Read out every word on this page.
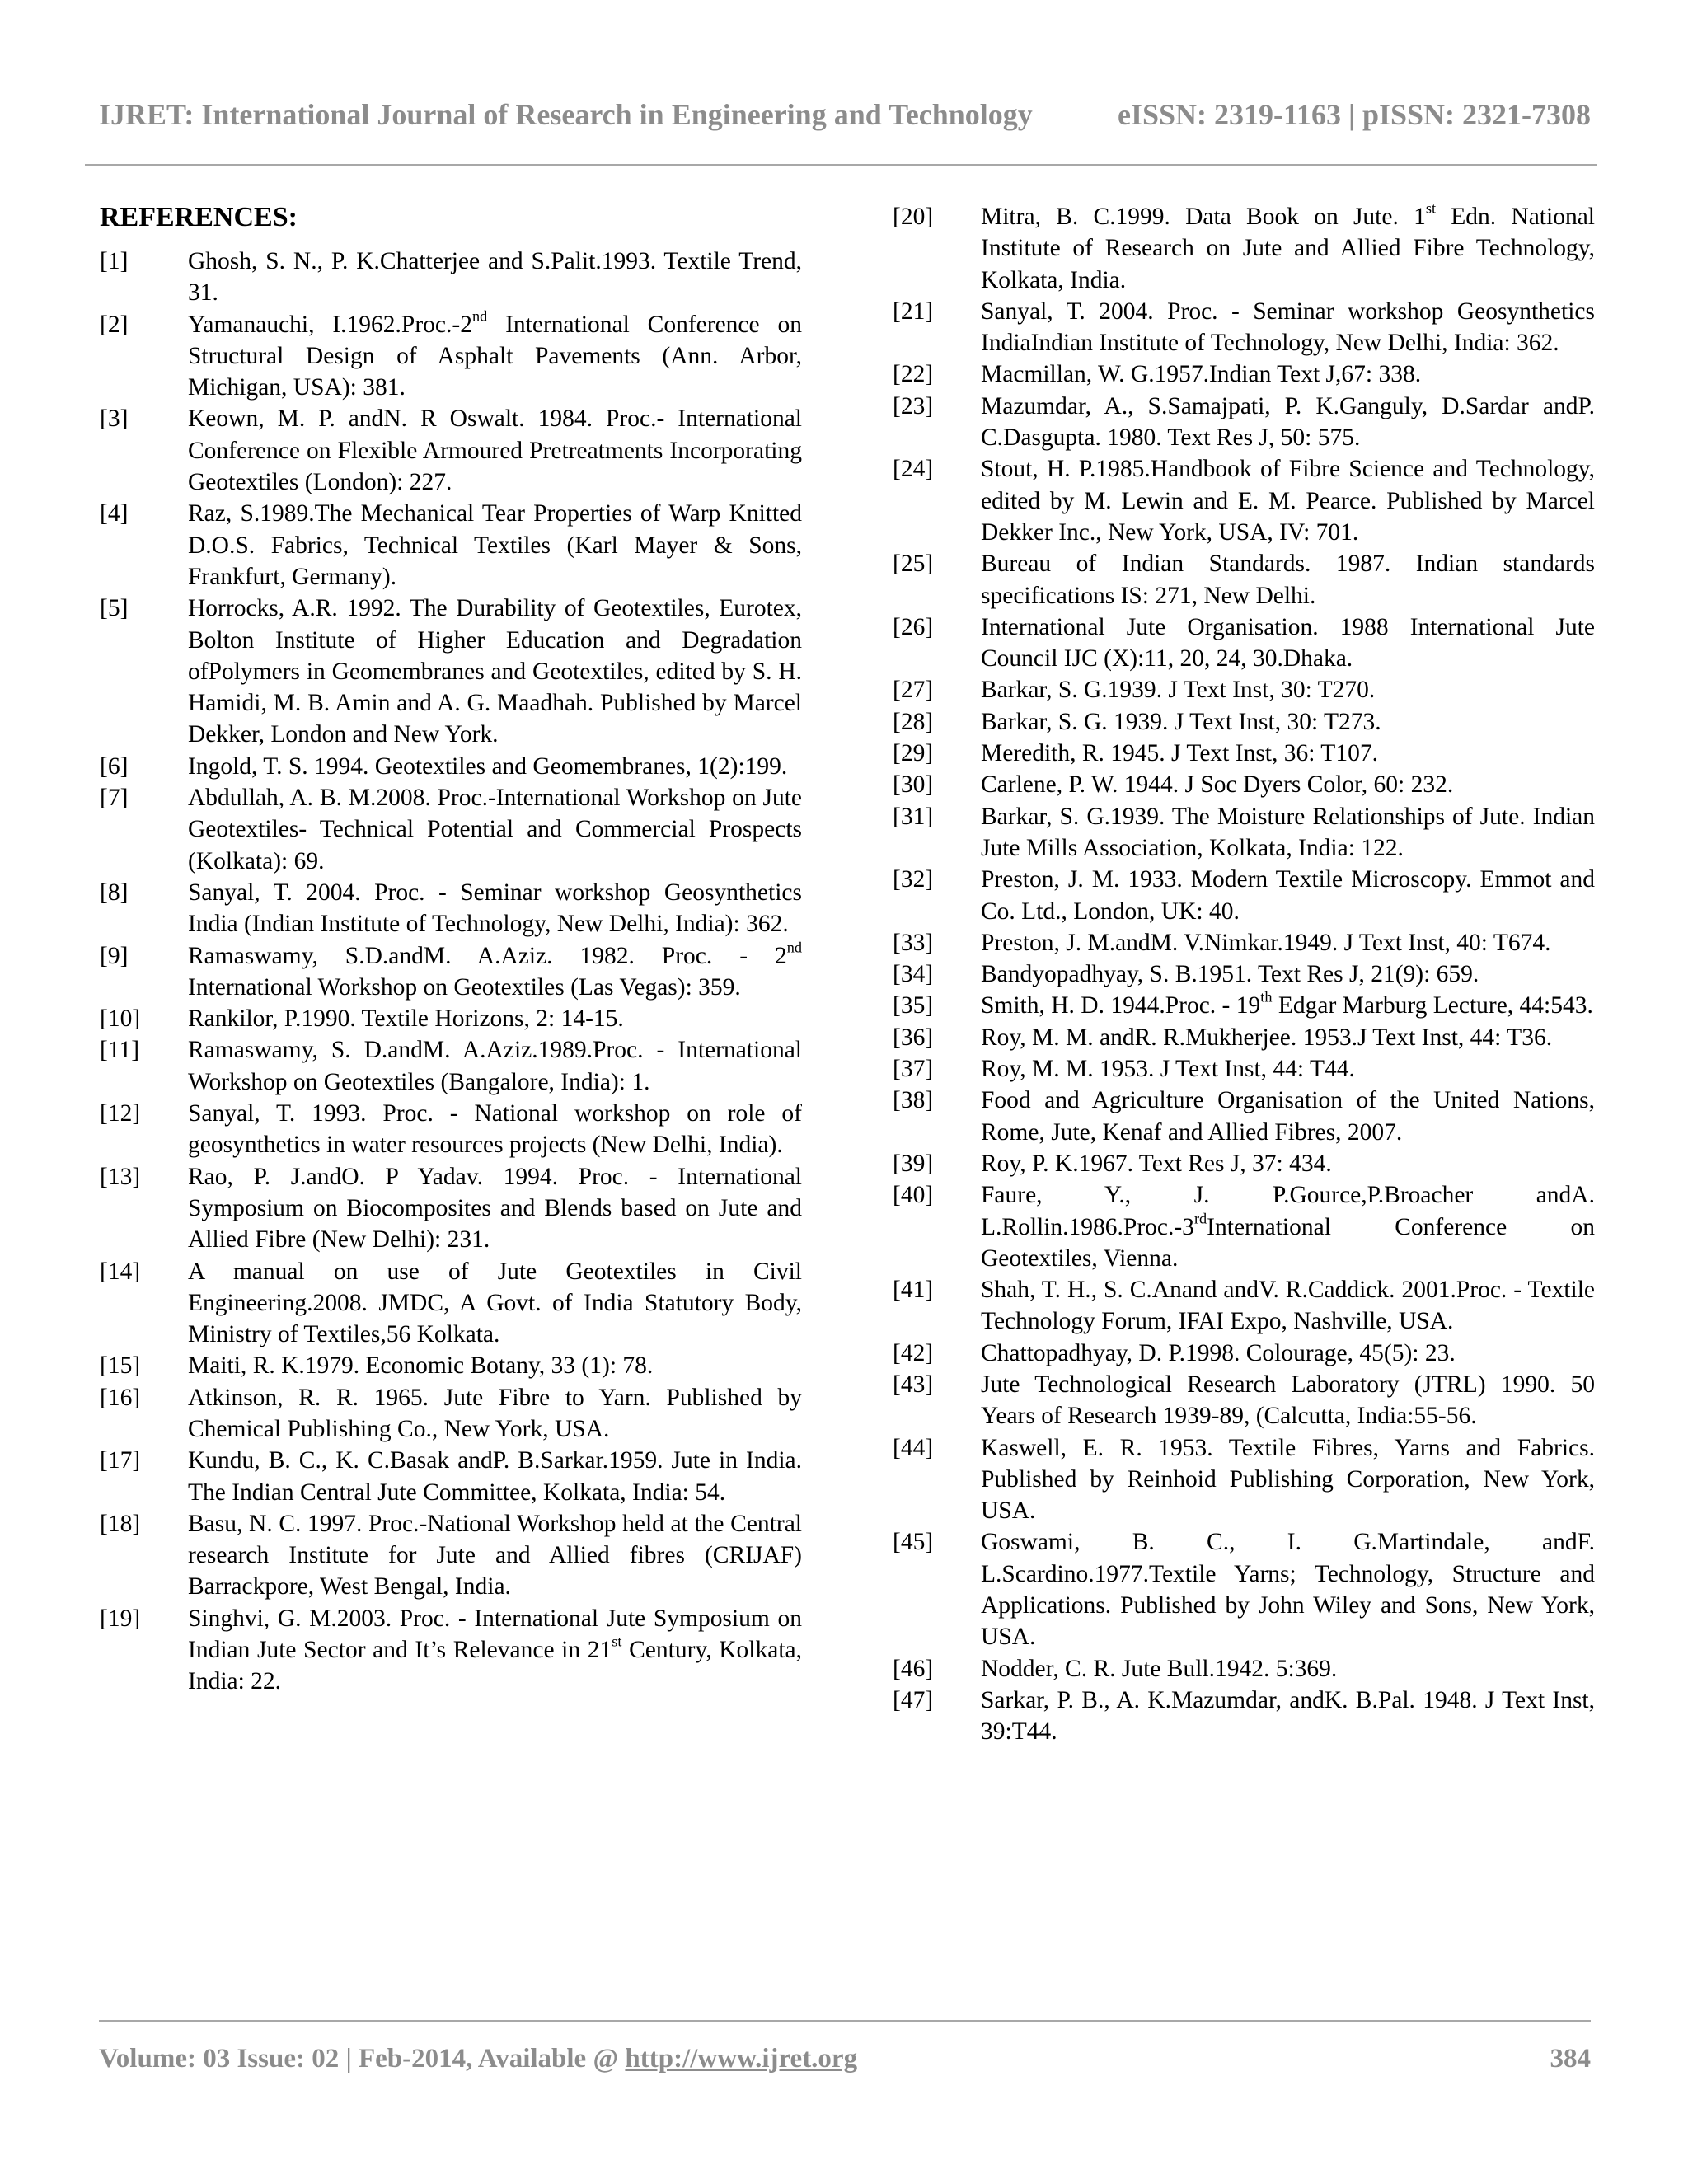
IJRET: International Journal of Research in Engineering and Technology	eISSN: 2319-1163 | pISSN: 2321-7308
REFERENCES:
[1]	Ghosh, S. N., P. K.Chatterjee and S.Palit.1993. Textile Trend, 31.
[2]	Yamanauchi, I.1962.Proc.-2nd International Conference on Structural Design of Asphalt Pavements (Ann. Arbor, Michigan, USA): 381.
[3]	Keown, M. P. andN. R Oswalt. 1984. Proc.- International Conference on Flexible Armoured Pretreatments Incorporating Geotextiles (London): 227.
[4]	Raz, S.1989.The Mechanical Tear Properties of Warp Knitted D.O.S. Fabrics, Technical Textiles (Karl Mayer & Sons, Frankfurt, Germany).
[5]	Horrocks, A.R. 1992. The Durability of Geotextiles, Eurotex, Bolton Institute of Higher Education and Degradation ofPolymers in Geomembranes and Geotextiles, edited by S. H. Hamidi, M. B. Amin and A. G. Maadhah. Published by Marcel Dekker, London and New York.
[6]	Ingold, T. S. 1994. Geotextiles and Geomembranes, 1(2):199.
[7]	Abdullah, A. B. M.2008. Proc.-International Workshop on Jute Geotextiles- Technical Potential and Commercial Prospects (Kolkata): 69.
[8]	Sanyal, T. 2004. Proc. - Seminar workshop Geosynthetics India (Indian Institute of Technology, New Delhi, India): 362.
[9]	Ramaswamy, S.D.andM. A.Aziz. 1982. Proc. - 2nd International Workshop on Geotextiles (Las Vegas): 359.
[10]	Rankilor, P.1990. Textile Horizons, 2: 14-15.
[11]	Ramaswamy, S. D.andM. A.Aziz.1989.Proc. - International Workshop on Geotextiles (Bangalore, India): 1.
[12]	Sanyal, T. 1993. Proc. - National workshop on role of geosynthetics in water resources projects (New Delhi, India).
[13]	Rao, P. J.andO. P Yadav. 1994. Proc. - International Symposium on Biocomposites and Blends based on Jute and Allied Fibre (New Delhi): 231.
[14]	A manual on use of Jute Geotextiles in Civil Engineering.2008. JMDC, A Govt. of India Statutory Body, Ministry of Textiles,56 Kolkata.
[15]	Maiti, R. K.1979. Economic Botany, 33 (1): 78.
[16]	Atkinson, R. R. 1965. Jute Fibre to Yarn. Published by Chemical Publishing Co., New York, USA.
[17]	Kundu, B. C., K. C.Basak andP. B.Sarkar.1959. Jute in India. The Indian Central Jute Committee, Kolkata, India: 54.
[18]	Basu, N. C. 1997. Proc.-National Workshop held at the Central research Institute for Jute and Allied fibres (CRIJAF) Barrackpore, West Bengal, India.
[19]	Singhvi, G. M.2003. Proc. - International Jute Symposium on Indian Jute Sector and It’s Relevance in 21st Century, Kolkata, India: 22.
[20]	Mitra, B. C.1999. Data Book on Jute. 1st Edn. National Institute of Research on Jute and Allied Fibre Technology, Kolkata, India.
[21]	Sanyal, T. 2004. Proc. - Seminar workshop Geosynthetics IndiaIndian Institute of Technology, New Delhi, India: 362.
[22]	Macmillan, W. G.1957.Indian Text J,67: 338.
[23]	Mazumdar, A., S.Samajpati, P. K.Ganguly, D.Sardar andP. C.Dasgupta. 1980. Text Res J, 50: 575.
[24]	Stout, H. P.1985.Handbook of Fibre Science and Technology, edited by M. Lewin and E. M. Pearce. Published by Marcel Dekker Inc., New York, USA, IV: 701.
[25]	Bureau of Indian Standards. 1987. Indian standards specifications IS: 271, New Delhi.
[26]	International Jute Organisation. 1988 International Jute Council IJC (X):11, 20, 24, 30.Dhaka.
[27]	Barkar, S. G.1939. J Text Inst, 30: T270.
[28]	Barkar, S. G. 1939. J Text Inst, 30: T273.
[29]	Meredith, R. 1945. J Text Inst, 36: T107.
[30]	Carlene, P. W. 1944. J Soc Dyers Color, 60: 232.
[31]	Barkar, S. G.1939. The Moisture Relationships of Jute. Indian Jute Mills Association, Kolkata, India: 122.
[32]	Preston, J. M. 1933. Modern Textile Microscopy. Emmot and Co. Ltd., London, UK: 40.
[33]	Preston, J. M.andM. V.Nimkar.1949. J Text Inst, 40: T674.
[34]	Bandyopadhyay, S. B.1951. Text Res J, 21(9): 659.
[35]	Smith, H. D. 1944.Proc. - 19th Edgar Marburg Lecture, 44:543.
[36]	Roy, M. M. andR. R.Mukherjee. 1953.J Text Inst, 44: T36.
[37]	Roy, M. M. 1953. J Text Inst, 44: T44.
[38]	Food and Agriculture Organisation of the United Nations, Rome, Jute, Kenaf and Allied Fibres, 2007.
[39]	Roy, P. K.1967. Text Res J, 37: 434.
[40]	Faure, Y., J. P.Gource,P.Broacher andA. L.Rollin.1986.Proc.-3rdInternational Conference on Geotextiles, Vienna.
[41]	Shah, T. H., S. C.Anand andV. R.Caddick. 2001.Proc. - Textile Technology Forum, IFAI Expo, Nashville, USA.
[42]	Chattopadhyay, D. P.1998. Colourage, 45(5): 23.
[43]	Jute Technological Research Laboratory (JTRL) 1990. 50 Years of Research 1939-89, (Calcutta, India:55-56.
[44]	Kaswell, E. R. 1953. Textile Fibres, Yarns and Fabrics. Published by Reinhoid Publishing Corporation, New York, USA.
[45]	Goswami, B. C., I. G.Martindale, andF. L.Scardino.1977.Textile Yarns; Technology, Structure and Applications. Published by John Wiley and Sons, New York, USA.
[46]	Nodder, C. R. Jute Bull.1942. 5:369.
[47]	Sarkar, P. B., A. K.Mazumdar, andK. B.Pal. 1948. J Text Inst, 39:T44.
Volume: 03 Issue: 02 | Feb-2014, Available @ http://www.ijret.org	384
